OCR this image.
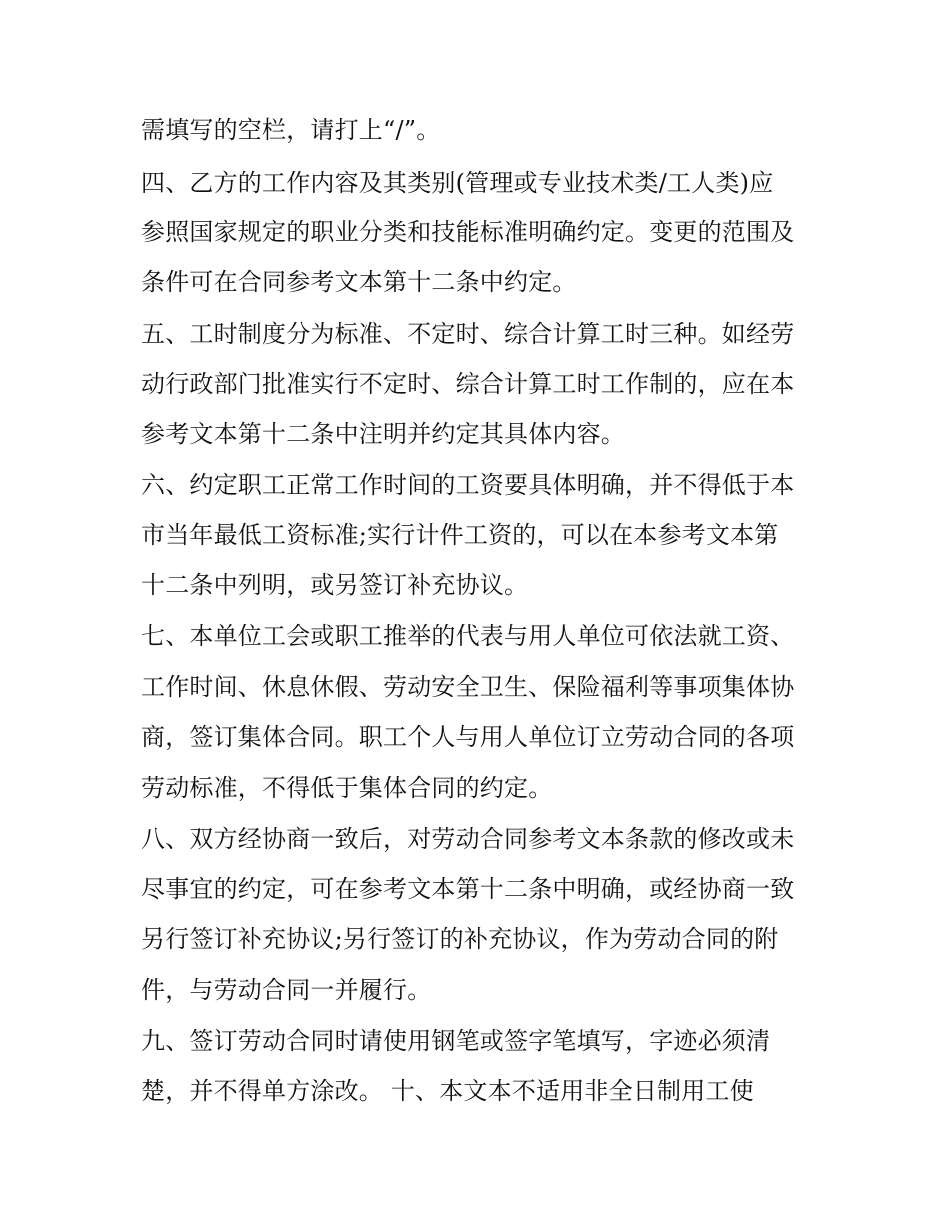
需填写的空栏，请打上“/”。
四、乙方的工作内容及其类别(管理或专业技术类/工人类)应
参照国家规定的职业分类和技能标准明确约定。变更的范围及
条件可在合同参考文本第十二条中约定。
五、工时制度分为标准、不定时、综合计算工时三种。如经劳
动行政部门批准实行不定时、综合计算工时工作制的，应在本
参考文本第十二条中注明并约定其具体内容。
六、约定职工正常工作时间的工资要具体明确，并不得低于本
市当年最低工资标准;实行计件工资的，可以在本参考文本第
十二条中列明，或另签订补充协议。
七、本单位工会或职工推举的代表与用人单位可依法就工资、
工作时间、休息休假、劳动安全卫生、保险福利等事项集体协
商，签订集体合同。职工个人与用人单位订立劳动合同的各项
劳动标准，不得低于集体合同的约定。
八、双方经协商一致后，对劳动合同参考文本条款的修改或未
尽事宜的约定，可在参考文本第十二条中明确，或经协商一致
另行签订补充协议;另行签订的补充协议，作为劳动合同的附
件，与劳动合同一并履行。
九、签订劳动合同时请使用钢笔或签字笔填写，字迹必须清
楚，并不得单方涂改。 十、本文本不适用非全日制用工使
